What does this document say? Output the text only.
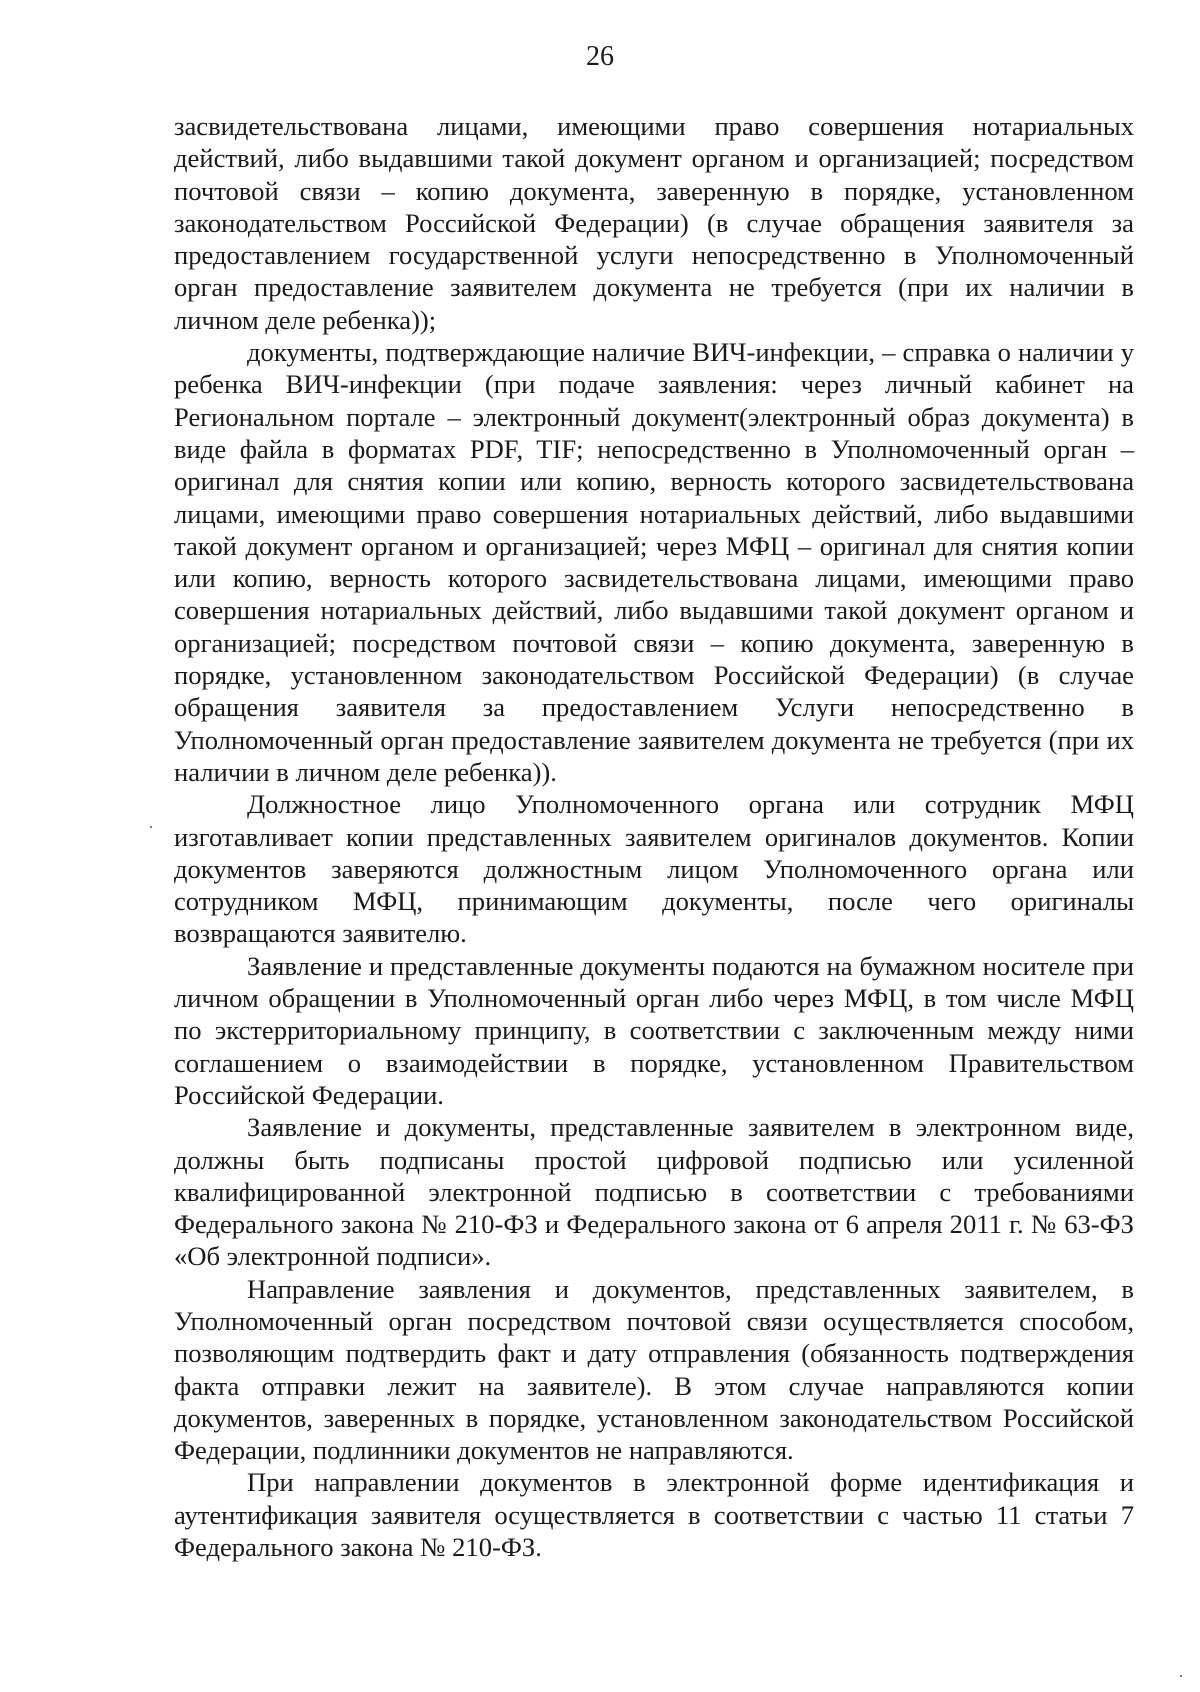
26

засвидетельствована лицами, имеющими право совершения нотариальных действий, либо выдавшими такой документ органом и организацией; посредством почтовой связи – копию документа, заверенную в порядке, установленном законодательством Российской Федерации) (в случае обращения заявителя за предоставлением государственной услуги непосредственно в Уполномоченный орган предоставление заявителем документа не требуется (при их наличии в личном деле ребенка));

документы, подтверждающие наличие ВИЧ-инфекции, – справка о наличии у ребенка ВИЧ-инфекции (при подаче заявления: через личный кабинет на Региональном портале – электронный документ(электронный образ документа) в виде файла в форматах PDF, TIF; непосредственно в Уполномоченный орган – оригинал для снятия копии или копию, верность которого засвидетельствована лицами, имеющими право совершения нотариальных действий, либо выдавшими такой документ органом и организацией; через МФЦ – оригинал для снятия копии или копию, верность которого засвидетельствована лицами, имеющими право совершения нотариальных действий, либо выдавшими такой документ органом и организацией; посредством почтовой связи – копию документа, заверенную в порядке, установленном законодательством Российской Федерации) (в случае обращения заявителя за предоставлением Услуги непосредственно в Уполномоченный орган предоставление заявителем документа не требуется (при их наличии в личном деле ребенка)).

Должностное лицо Уполномоченного органа или сотрудник МФЦ изготавливает копии представленных заявителем оригиналов документов. Копии документов заверяются должностным лицом Уполномоченного органа или сотрудником МФЦ, принимающим документы, после чего оригиналы возвращаются заявителю.

Заявление и представленные документы подаются на бумажном носителе при личном обращении в Уполномоченный орган либо через МФЦ, в том числе МФЦ по экстерриториальному принципу, в соответствии с заключенным между ними соглашением о взаимодействии в порядке, установленном Правительством Российской Федерации.

Заявление и документы, представленные заявителем в электронном виде, должны быть подписаны простой цифровой подписью или усиленной квалифицированной электронной подписью в соответствии с требованиями Федерального закона № 210-ФЗ и Федерального закона от 6 апреля 2011 г. № 63-ФЗ «Об электронной подписи».

Направление заявления и документов, представленных заявителем, в Уполномоченный орган посредством почтовой связи осуществляется способом, позволяющим подтвердить факт и дату отправления (обязанность подтверждения факта отправки лежит на заявителе). В этом случае направляются копии документов, заверенных в порядке, установленном законодательством Российской Федерации, подлинники документов не направляются.

При направлении документов в электронной форме идентификация и аутентификация заявителя осуществляется в соответствии с частью 11 статьи 7 Федерального закона № 210-ФЗ.
